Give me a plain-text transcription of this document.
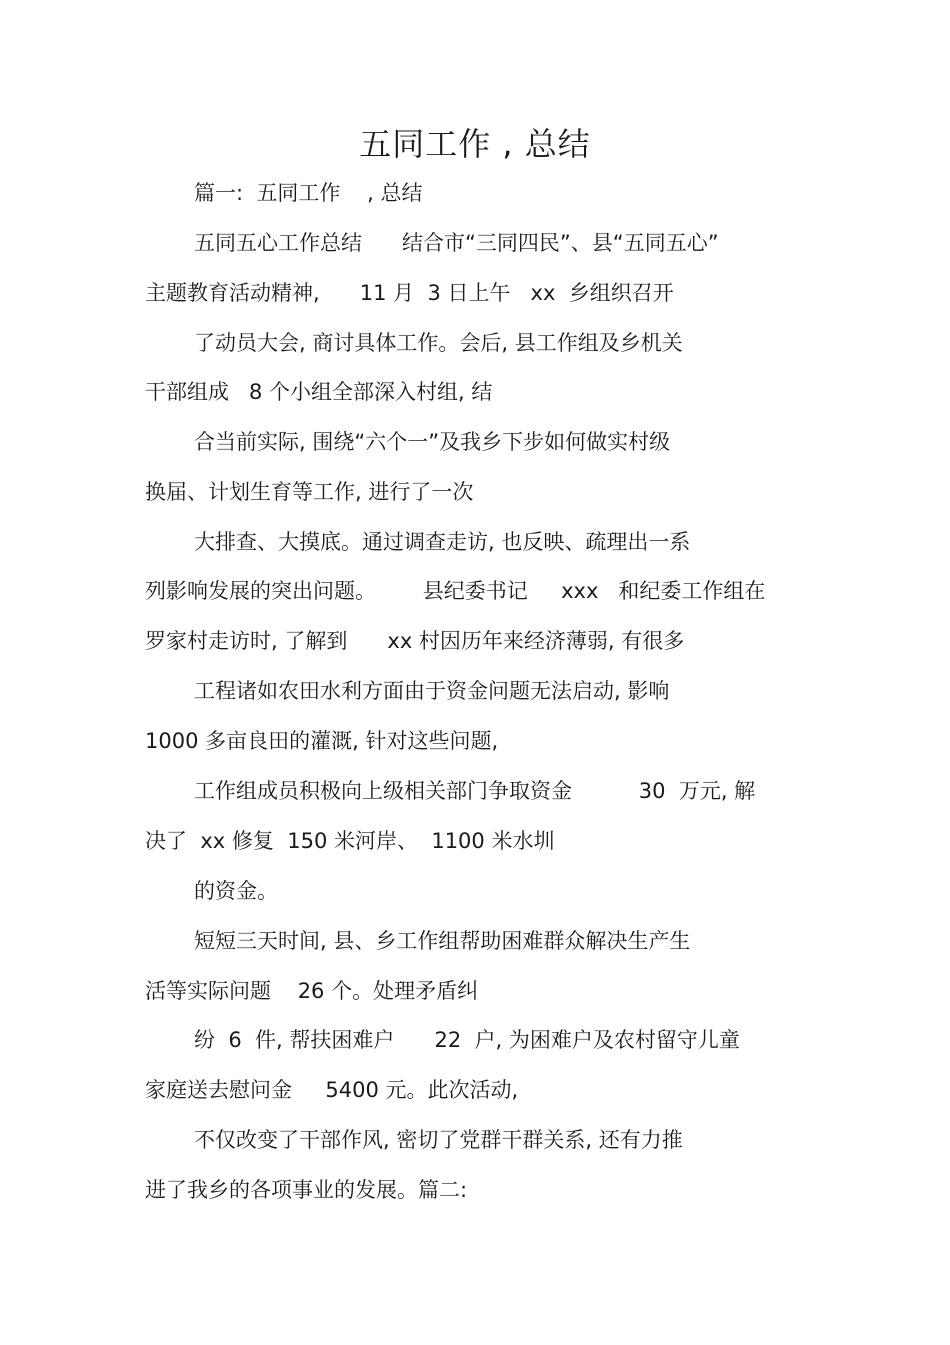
五同工作 , 总结
篇一:  五同工作    , 总结
五同五心工作总结      结合市“三同四民”、县“五同五心”
主题教育活动精神,      11 月  3 日上午   xx  乡组织召开
了动员大会, 商讨具体工作。会后, 县工作组及乡机关
干部组成   8 个小组全部深入村组, 结
合当前实际, 围绕“六个一”及我乡下步如何做实村级
换届、计划生育等工作, 进行了一次
大排查、大摸底。通过调查走访, 也反映、疏理出一系
列影响发展的突出问题。       县纪委书记     xxx   和纪委工作组在
罗家村走访时, 了解到      xx 村因历年来经济薄弱, 有很多
工程诸如农田水利方面由于资金问题无法启动, 影响
1000 多亩良田的灌溉, 针对这些问题,
工作组成员积极向上级相关部门争取资金          30  万元, 解
决了  xx 修复  150 米河岸、  1100 米水圳
的资金。
短短三天时间, 县、乡工作组帮助困难群众解决生产生
活等实际问题    26 个。处理矛盾纠
纷  6  件, 帮扶困难户      22  户, 为困难户及农村留守儿童
家庭送去慰问金     5400 元。此次活动,
不仅改变了干部作风, 密切了党群干群关系, 还有力推
进了我乡的各项事业的发展。篇二:
